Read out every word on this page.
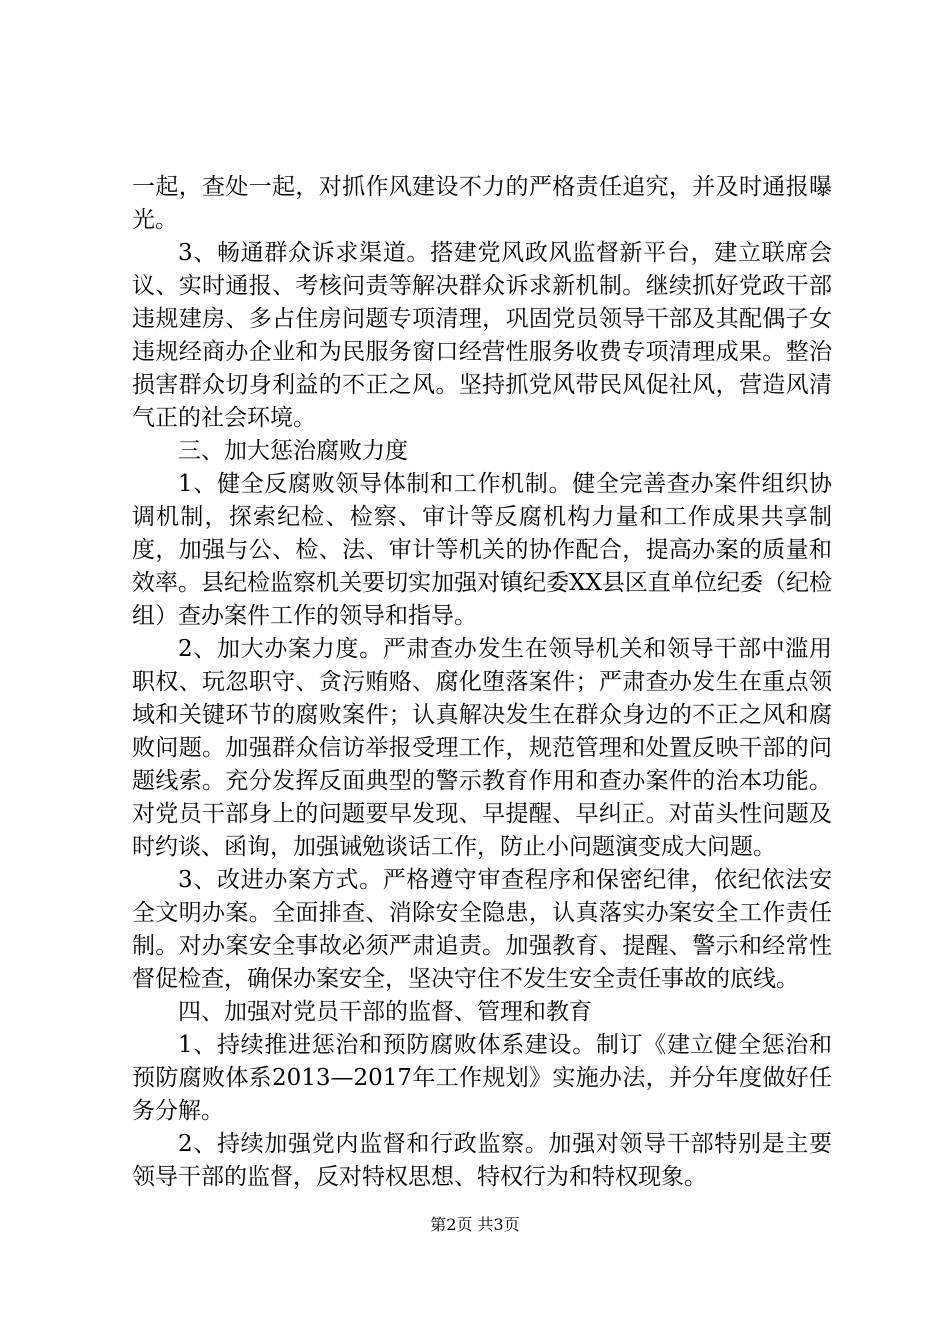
一起，查处一起，对抓作风建设不力的严格责任追究，并及时通报曝光。

3、畅通群众诉求渠道。搭建党风政风监督新平台，建立联席会议、实时通报、考核问责等解决群众诉求新机制。继续抓好党政干部违规建房、多占住房问题专项清理，巩固党员领导干部及其配偶子女违规经商办企业和为民服务窗口经营性服务收费专项清理成果。整治损害群众切身利益的不正之风。坚持抓党风带民风促社风，营造风清气正的社会环境。

三、加大惩治腐败力度

1、健全反腐败领导体制和工作机制。健全完善查办案件组织协调机制，探索纪检、检察、审计等反腐机构力量和工作成果共享制度，加强与公、检、法、审计等机关的协作配合，提高办案的质量和效率。县纪检监察机关要切实加强对镇纪委XX县区直单位纪委（纪检组）查办案件工作的领导和指导。

2、加大办案力度。严肃查办发生在领导机关和领导干部中滥用职权、玩忽职守、贪污贿赂、腐化堕落案件；严肃查办发生在重点领域和关键环节的腐败案件；认真解决发生在群众身边的不正之风和腐败问题。加强群众信访举报受理工作，规范管理和处置反映干部的问题线索。充分发挥反面典型的警示教育作用和查办案件的治本功能。对党员干部身上的问题要早发现、早提醒、早纠正。对苗头性问题及时约谈、函询，加强诫勉谈话工作，防止小问题演变成大问题。

3、改进办案方式。严格遵守审查程序和保密纪律，依纪依法安全文明办案。全面排查、消除安全隐患，认真落实办案安全工作责任制。对办案安全事故必须严肃追责。加强教育、提醒、警示和经常性督促检查，确保办案安全，坚决守住不发生安全责任事故的底线。

四、加强对党员干部的监督、管理和教育

1、持续推进惩治和预防腐败体系建设。制订《建立健全惩治和预防腐败体系2013—2017年工作规划》实施办法，并分年度做好任务分解。

2、持续加强党内监督和行政监察。加强对领导干部特别是主要领导干部的监督，反对特权思想、特权行为和特权现象。

第2页 共3页
